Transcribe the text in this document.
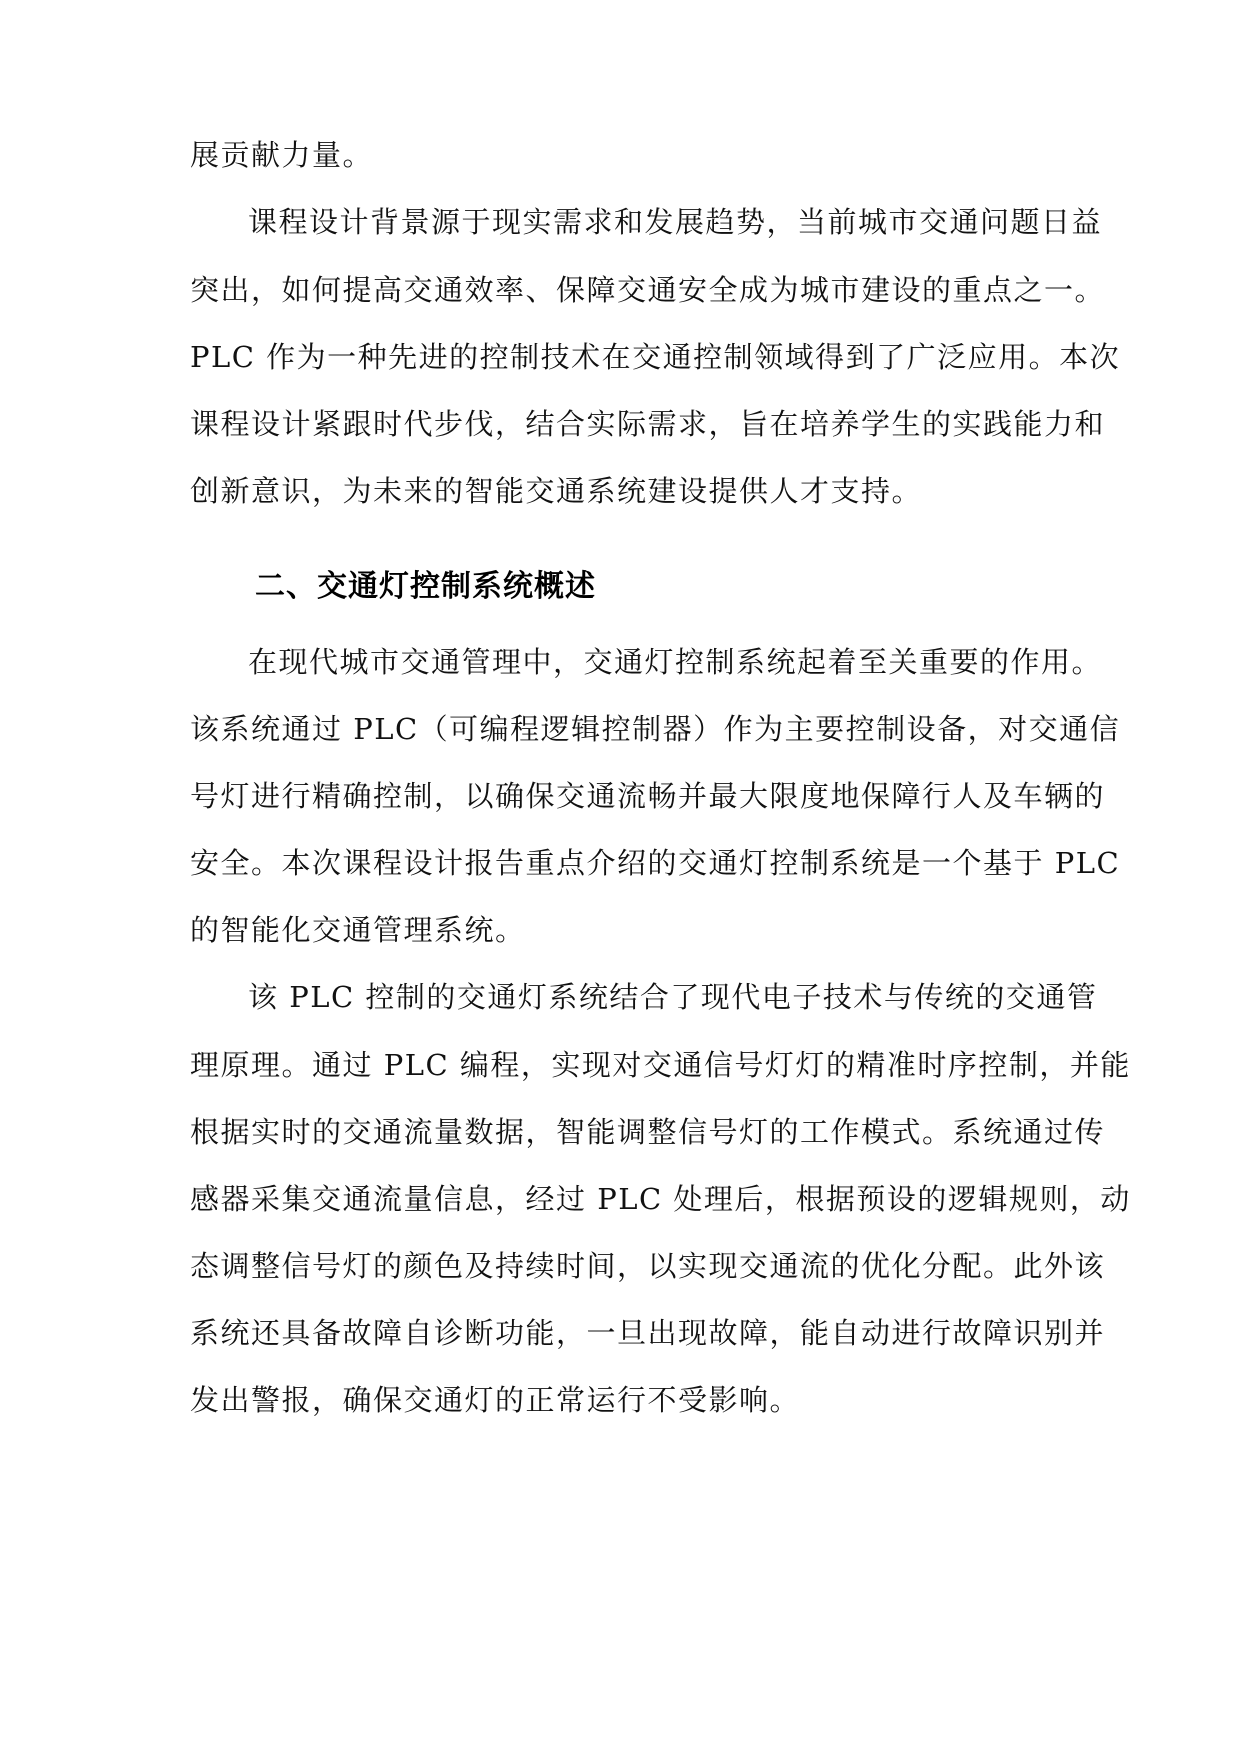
展贡献力量。
课程设计背景源于现实需求和发展趋势，当前城市交通问题日益
突出，如何提高交通效率、保障交通安全成为城市建设的重点之一。
PLC 作为一种先进的控制技术在交通控制领域得到了广泛应用。本次
课程设计紧跟时代步伐，结合实际需求，旨在培养学生的实践能力和
创新意识，为未来的智能交通系统建设提供人才支持。
二、交通灯控制系统概述
在现代城市交通管理中，交通灯控制系统起着至关重要的作用。
该系统通过 PLC（可编程逻辑控制器）作为主要控制设备，对交通信
号灯进行精确控制，以确保交通流畅并最大限度地保障行人及车辆的
安全。本次课程设计报告重点介绍的交通灯控制系统是一个基于 PLC
的智能化交通管理系统。
该 PLC 控制的交通灯系统结合了现代电子技术与传统的交通管
理原理。通过 PLC 编程，实现对交通信号灯灯的精准时序控制，并能
根据实时的交通流量数据，智能调整信号灯的工作模式。系统通过传
感器采集交通流量信息，经过 PLC 处理后，根据预设的逻辑规则，动
态调整信号灯的颜色及持续时间，以实现交通流的优化分配。此外该
系统还具备故障自诊断功能，一旦出现故障，能自动进行故障识别并
发出警报，确保交通灯的正常运行不受影响。
